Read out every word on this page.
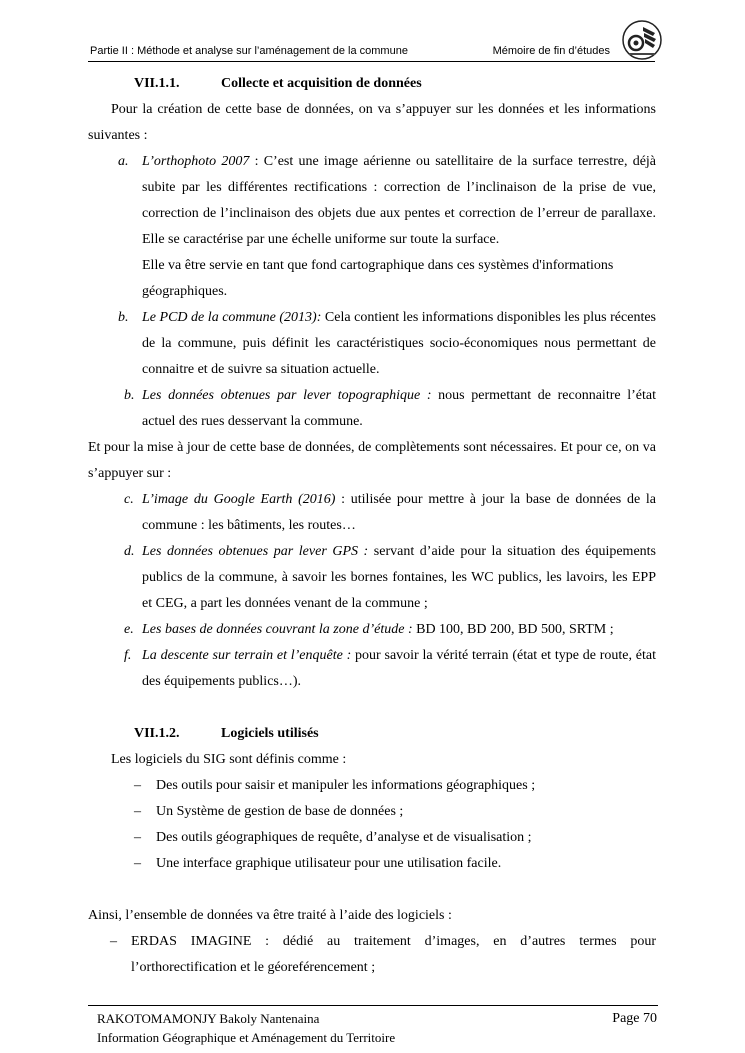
Partie II : Méthode et analyse sur l’aménagement de la commune	Mémoire de fin d’études
VII.1.1.	Collecte et acquisition de données

Pour la création de cette base de données, on va s’appuyer sur les données et les informations suivantes :

a. L’orthophoto 2007 : C’est une image aérienne ou satellitaire de la surface terrestre, déjà subite par les différentes rectifications : correction de l’inclinaison de la prise de vue, correction de l’inclinaison des objets due aux pentes et correction de l’erreur de parallaxe. Elle se caractérise par une échelle uniforme sur toute la surface.
Elle va être servie en tant que fond cartographique dans ces systèmes d'informations géographiques.
b. Le PCD de la commune (2013): Cela contient les informations disponibles les plus récentes de la commune, puis définit les caractéristiques socio-économiques nous permettant de connaitre et de suivre sa situation actuelle.
b. Les données obtenues par lever topographique : nous permettant de reconnaitre l’état actuel des rues desservant la commune.

Et pour la mise à jour de cette base de données, de complètements sont nécessaires. Et pour ce, on va s’appuyer sur :

c. L’image du Google Earth (2016) : utilisée pour mettre à jour la base de données de la commune : les bâtiments, les routes…
d. Les données obtenues par lever GPS : servant d’aide pour la situation des équipements publics de la commune, à savoir les bornes fontaines, les WC publics, les lavoirs, les EPP et CEG, a part les données venant de la commune ;
e. Les bases de données couvrant la zone d’étude : BD 100, BD 200, BD 500, SRTM ;
f. La descente sur terrain et l’enquête : pour savoir la vérité terrain (état et type de route, état des équipements publics…).
VII.1.2.	Logiciels utilisés

Les logiciels du SIG sont définis comme :

– Des outils pour saisir et manipuler les informations géographiques ;
– Un Système de gestion de base de données ;
– Des outils géographiques de requête, d’analyse et de visualisation ;
– Une interface graphique utilisateur pour une utilisation facile.

Ainsi, l’ensemble de données va être traité à l’aide des logiciels :

– ERDAS IMAGINE : dédié au traitement d’images, en d’autres termes pour l’orthorectification et le géoreférencement ;
RAKOTOMAMONJY Bakoly Nantenaina
Information Géographique et Aménagement du Territoire
Page 70
